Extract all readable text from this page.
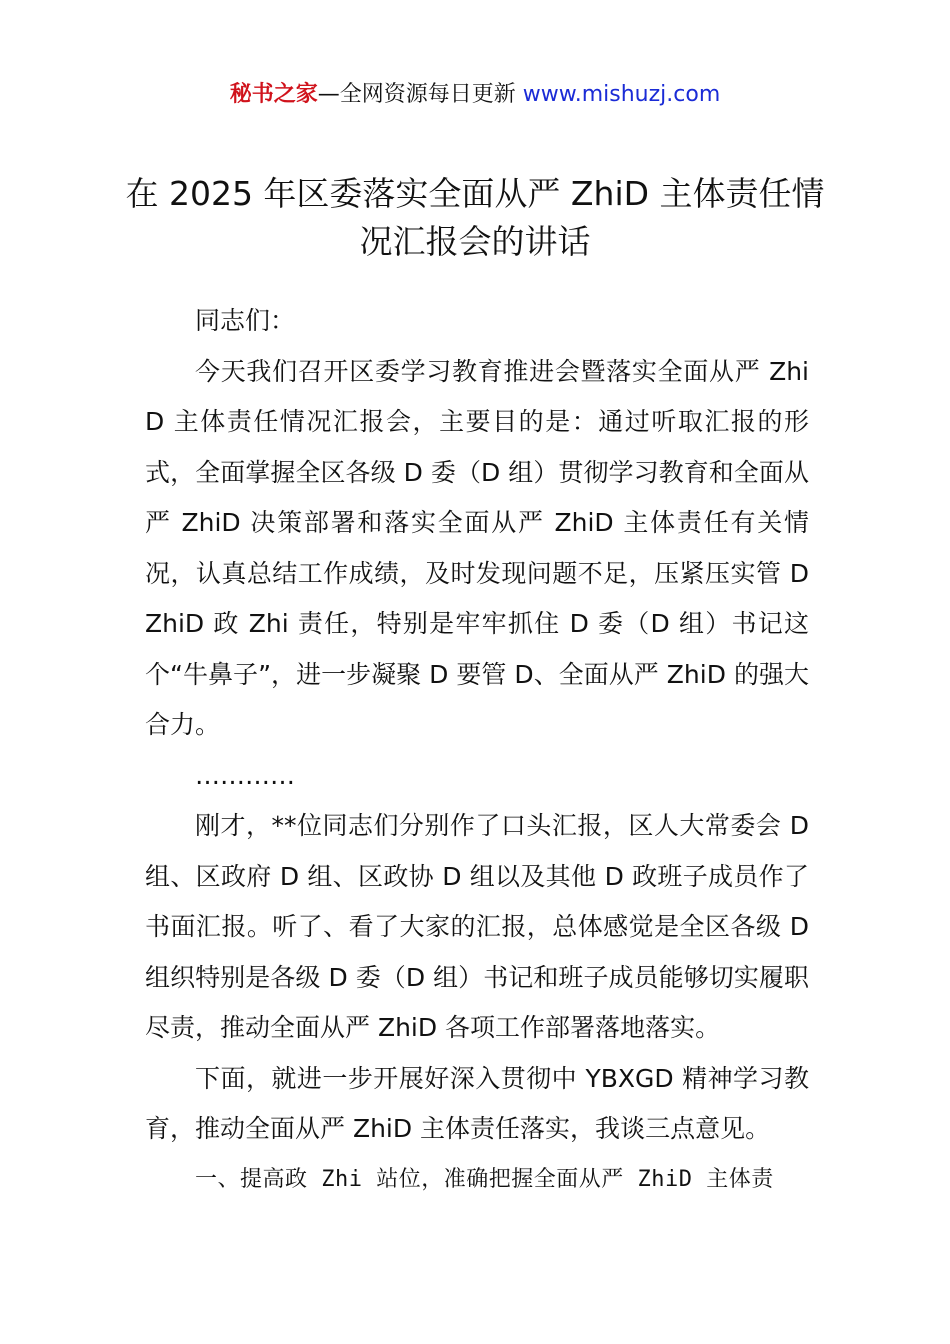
秘书之家—全网资源每日更新 www.mishuzj.com
在 2025 年区委落实全面从严 ZhiD 主体责任情况汇报会的讲话

同志们：

今天我们召开区委学习教育推进会暨落实全面从严 ZhiD 主体责任情况汇报会，主要目的是：通过听取汇报的形式，全面掌握全区各级 D 委（D 组）贯彻学习教育和全面从严 ZhiD 决策部署和落实全面从严 ZhiD 主体责任有关情况，认真总结工作成绩，及时发现问题不足，压紧压实管 DZhiD 政 Zhi 责任，特别是牢牢抓住 D 委（D 组）书记这个“牛鼻子”，进一步凝聚 D 要管 D、全面从严 ZhiD 的强大合力。

…………

刚才，**位同志们分别作了口头汇报，区人大常委会 D 组、区政府 D 组、区政协 D 组以及其他 D 政班子成员作了书面汇报。听了、看了大家的汇报，总体感觉是全区各级 D 组织特别是各级 D 委（D 组）书记和班子成员能够切实履职尽责，推动全面从严 ZhiD 各项工作部署落地落实。

下面，就进一步开展好深入贯彻中 YBXGD 精神学习教育，推动全面从严 ZhiD 主体责任落实，我谈三点意见。

一、提高政 Zhi 站位，准确把握全面从严 ZhiD 主体责
